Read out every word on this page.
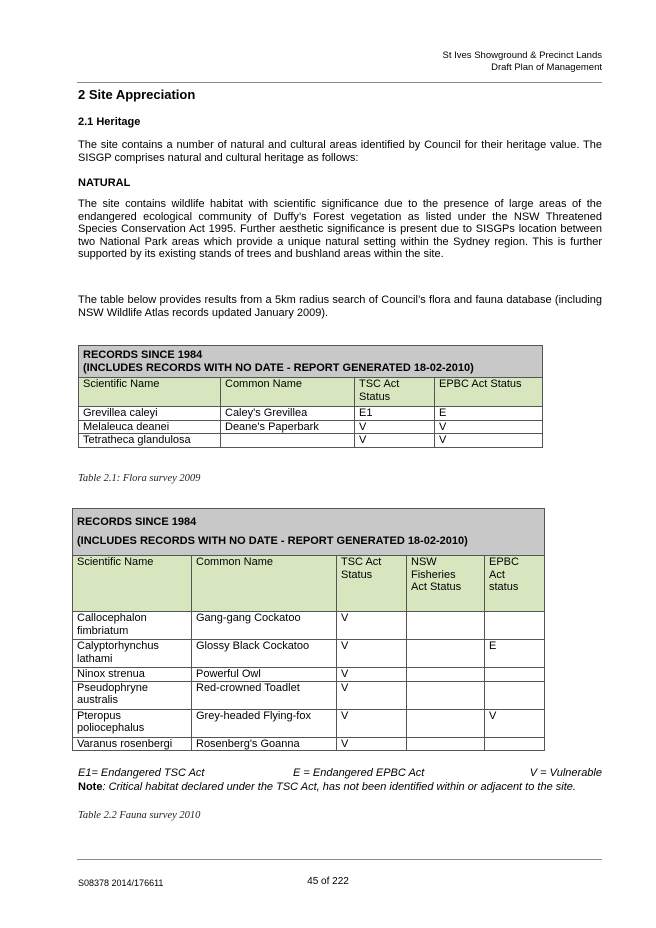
St Ives Showground & Precinct Lands
Draft Plan of Management
2 Site Appreciation
2.1 Heritage
The site contains a number of natural and cultural areas identified by Council for their heritage value. The SISGP comprises natural and cultural heritage as follows:
NATURAL
The site contains wildlife habitat with scientific significance due to the presence of large areas of the endangered ecological community of Duffy’s Forest vegetation as listed under the NSW Threatened Species Conservation Act 1995. Further aesthetic significance is present due to SISGPs location between two National Park areas which provide a unique natural setting within the Sydney region. This is further supported by its existing stands of trees and bushland areas within the site.
The table below provides results from a 5km radius search of Council’s flora and fauna database (including NSW Wildlife Atlas records updated January 2009).
RECORDS SINCE 1984
(INCLUDES RECORDS WITH NO DATE - REPORT GENERATED 18-02-2010)			

Scientific Name	Common Name	TSC Act Status	EPBC Act Status
Grevillea caleyi	Caley's Grevillea	E1	E
Melaleuca deanei	Deane's Paperbark	V	V
Tetratheca glandulosa		V	V
Table 2.1: Flora survey 2009
RECORDS SINCE 1984
(INCLUDES RECORDS WITH NO DATE - REPORT GENERATED 18-02-2010)				

Scientific Name	Common Name	TSC Act Status	NSW Fisheries Act Status	EPBC Act status
Callocephalon fimbriatum	Gang-gang Cockatoo	V		
Calyptorhynchus lathami	Glossy Black Cockatoo	V		E
Ninox strenua	Powerful Owl	V		
Pseudophryne australis	Red-crowned Toadlet	V		
Pteropus poliocephalus	Grey-headed Flying-fox	V		V
Varanus rosenbergi	Rosenberg's Goanna	V		
E1= Endangered TSC Act	E = Endangered EPBC Act	V = Vulnerable
Note: Critical habitat declared under the TSC Act, has not been identified within or adjacent to the site.
Table 2.2 Fauna survey 2010
S08378 2014/176611	45 of 222
